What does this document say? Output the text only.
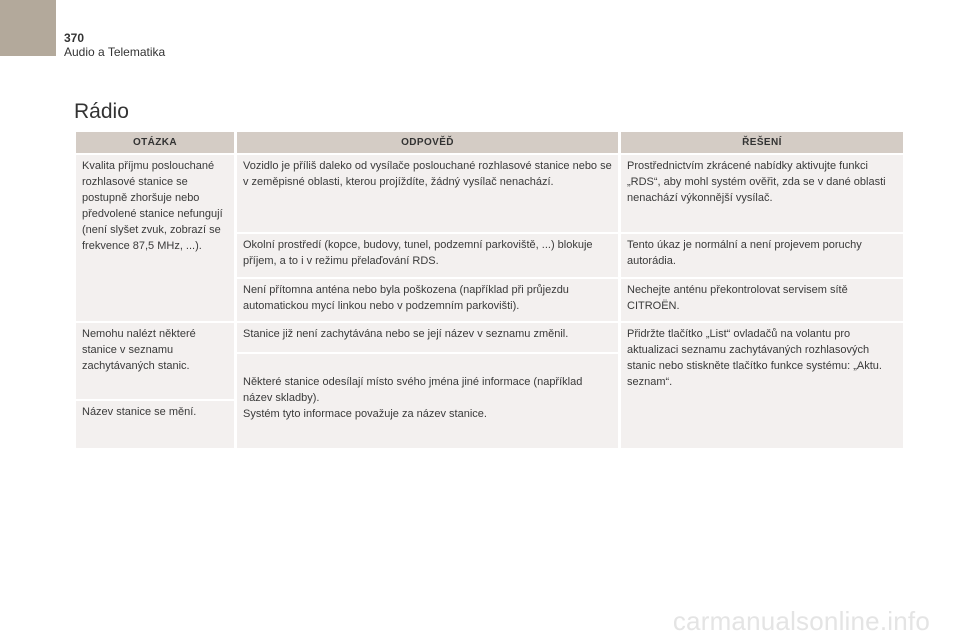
370
Audio a Telematika
Rádio
OTÁZKA	ODPOVĚĎ	ŘEŠENÍ
Kvalita příjmu poslouchané rozhlasové stanice se postupně zhoršuje nebo předvolené stanice nefungují (není slyšet zvuk, zobrazí se frekvence 87,5 MHz, ...).
Vozidlo je příliš daleko od vysílače poslouchané rozhlasové stanice nebo se v zeměpisné oblasti, kterou projíždíte, žádný vysílač nenachází.
Prostřednictvím zkrácené nabídky aktivujte funkci „RDS“, aby mohl systém ověřit, zda se v dané oblasti nenachází výkonnější vysílač.
Okolní prostředí (kopce, budovy, tunel, podzemní parkoviště, ...) blokuje příjem, a to i v režimu přelaďování RDS.
Tento úkaz je normální a není projevem poruchy autorádia.
Není přítomna anténa nebo byla poškozena (například při průjezdu automatickou mycí linkou nebo v podzemním parkovišti).
Nechejte anténu překontrolovat servisem sítě CITROËN.
Nemohu nalézt některé stanice v seznamu zachytávaných stanic.
Název stanice se mění.
Stanice již není zachytávána nebo se její název v seznamu změnil.
Některé stanice odesílají místo svého jména jiné informace (například název skladby).
Systém tyto informace považuje za název stanice.
Přidržte tlačítko „List“ ovladačů na volantu pro aktualizaci seznamu zachytávaných rozhlasových stanic nebo stiskněte tlačítko funkce systému: „Aktu. seznam“.
carmanualsonline.info
